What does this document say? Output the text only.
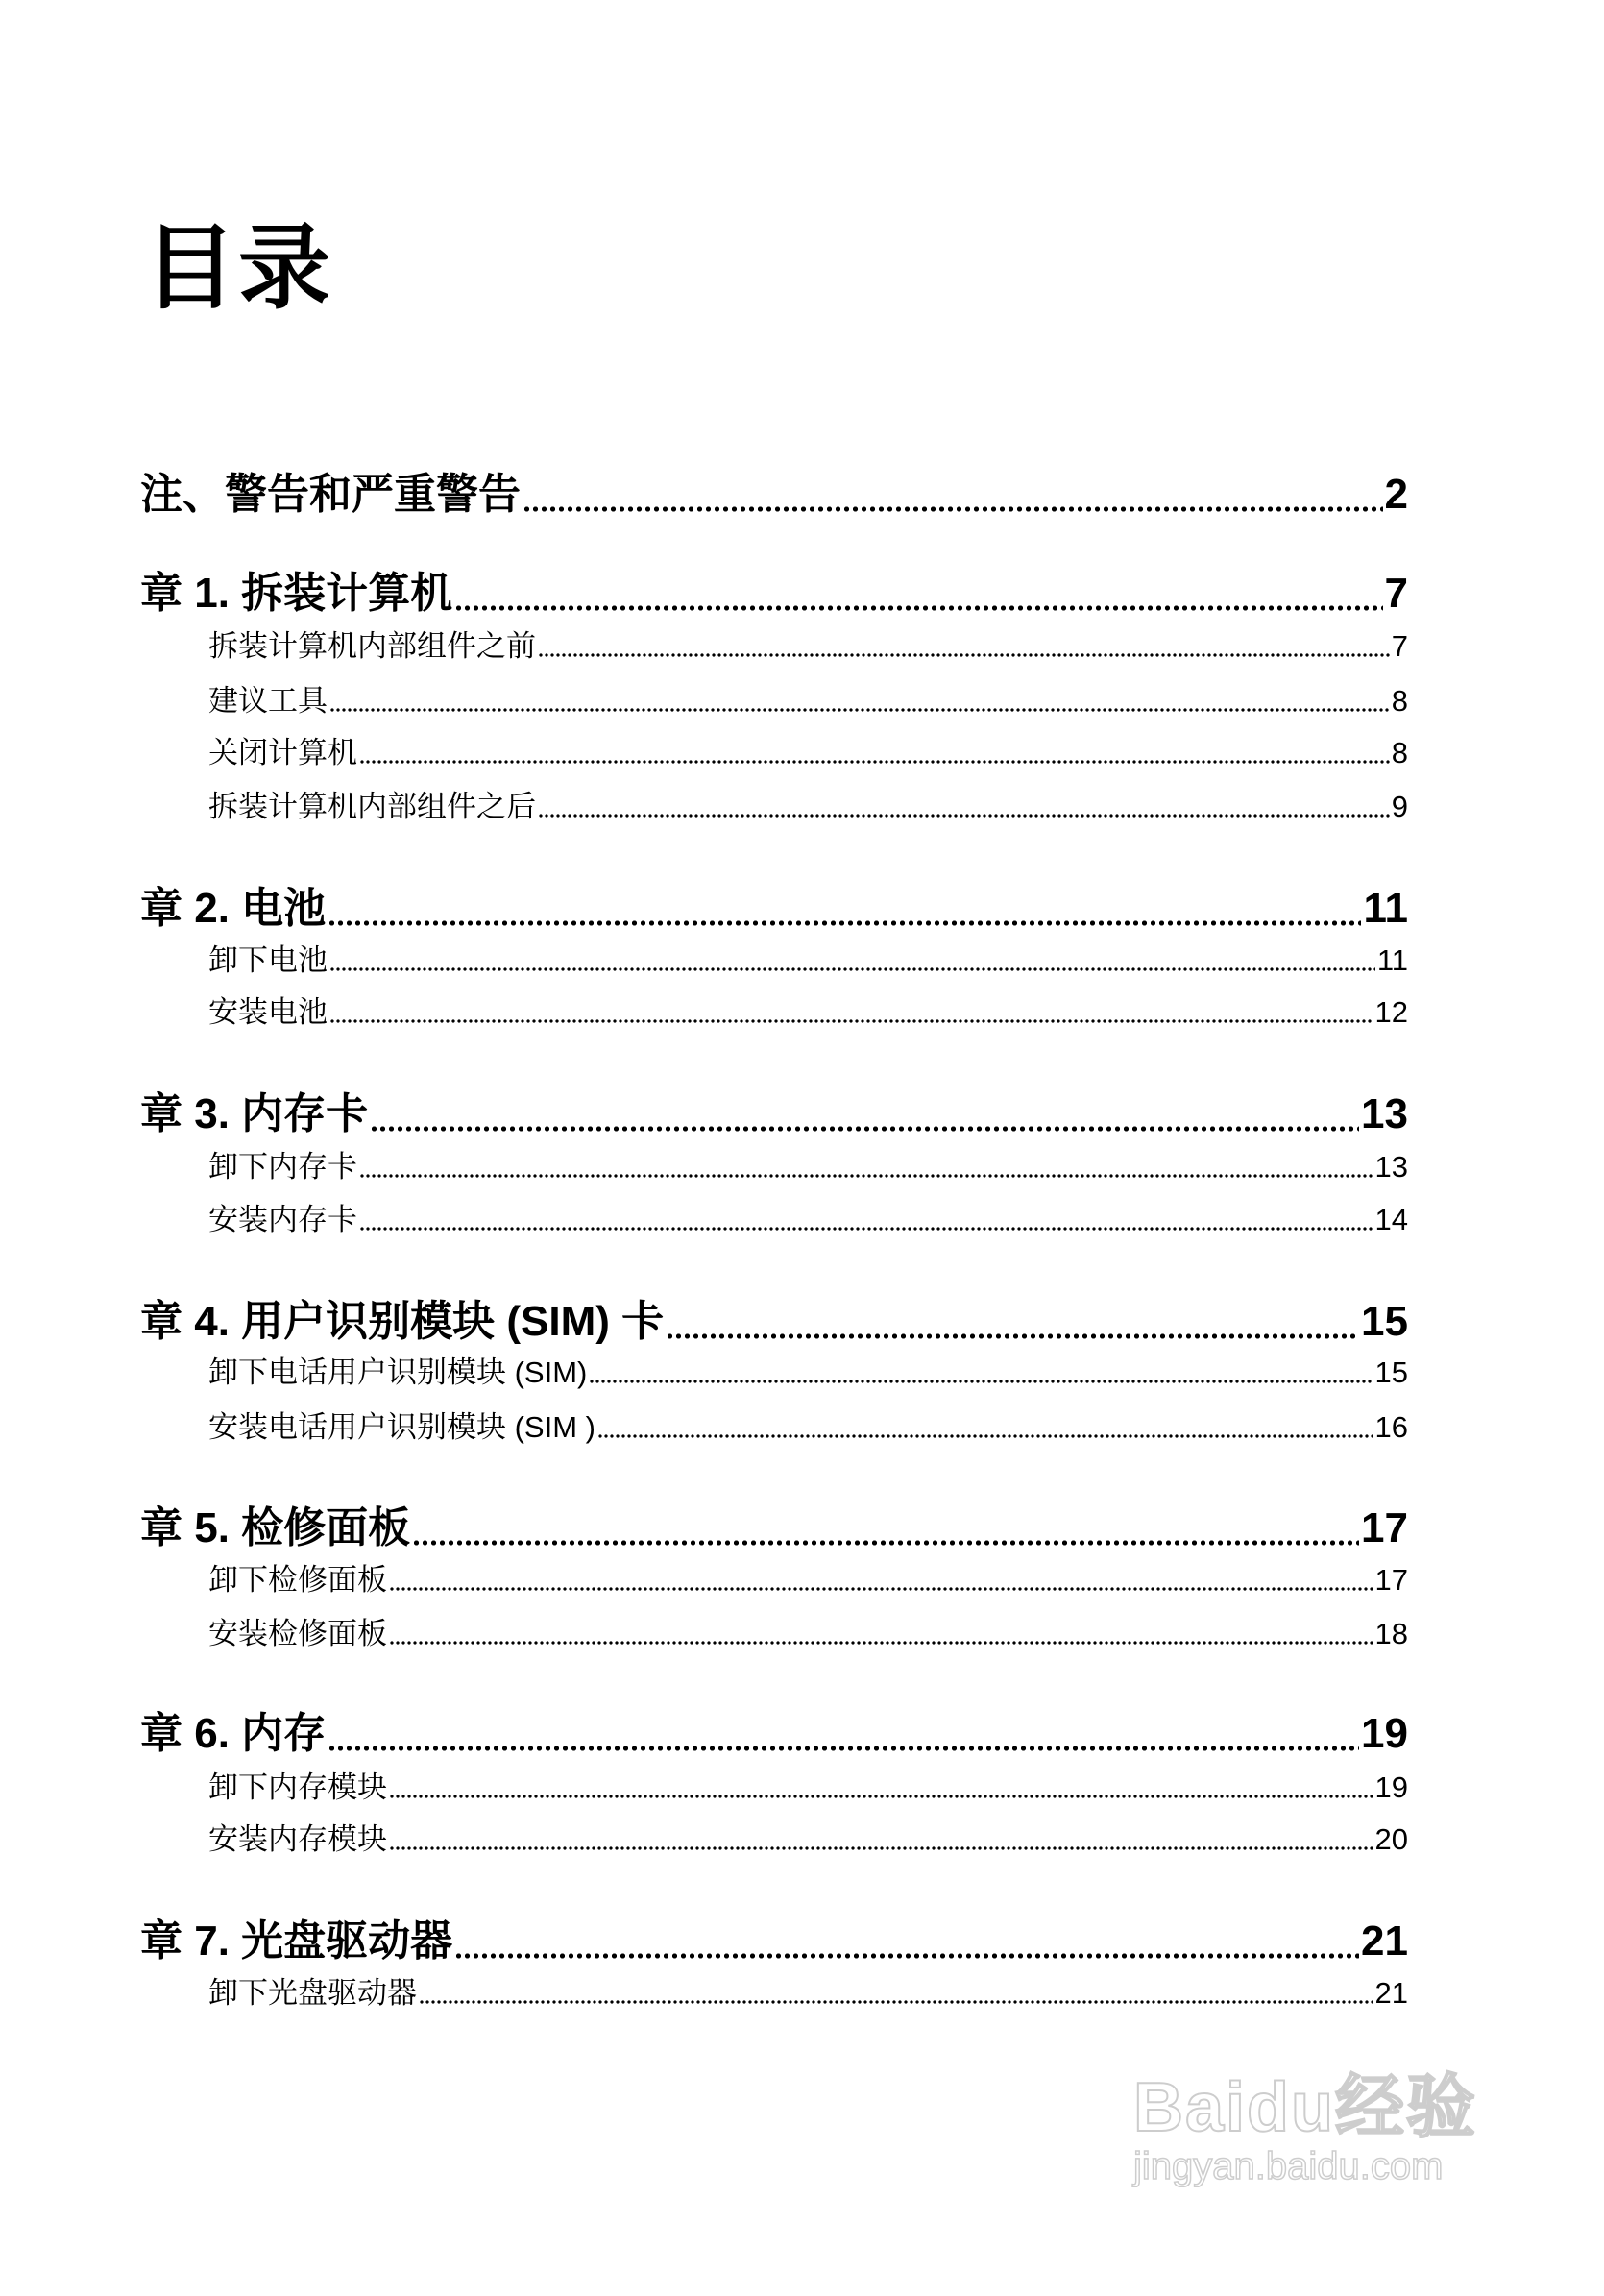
目录
注、警告和严重警告	2
章 1. 拆装计算机	7
拆装计算机内部组件之前	7
建议工具	8
关闭计算机	8
拆装计算机内部组件之后	9
章 2. 电池	11
卸下电池	11
安装电池	12
章 3. 内存卡	13
卸下内存卡	13
安装内存卡	14
章 4. 用户识别模块 (SIM) 卡	15
卸下电话用户识别模块 (SIM)	15
安装电话用户识别模块 (SIM )	16
章 5. 检修面板	17
卸下检修面板	17
安装检修面板	18
章 6. 内存	19
卸下内存模块	19
安装内存模块	20
章 7. 光盘驱动器	21
卸下光盘驱动器	21
Baidu经验
jingyan.baidu.com
